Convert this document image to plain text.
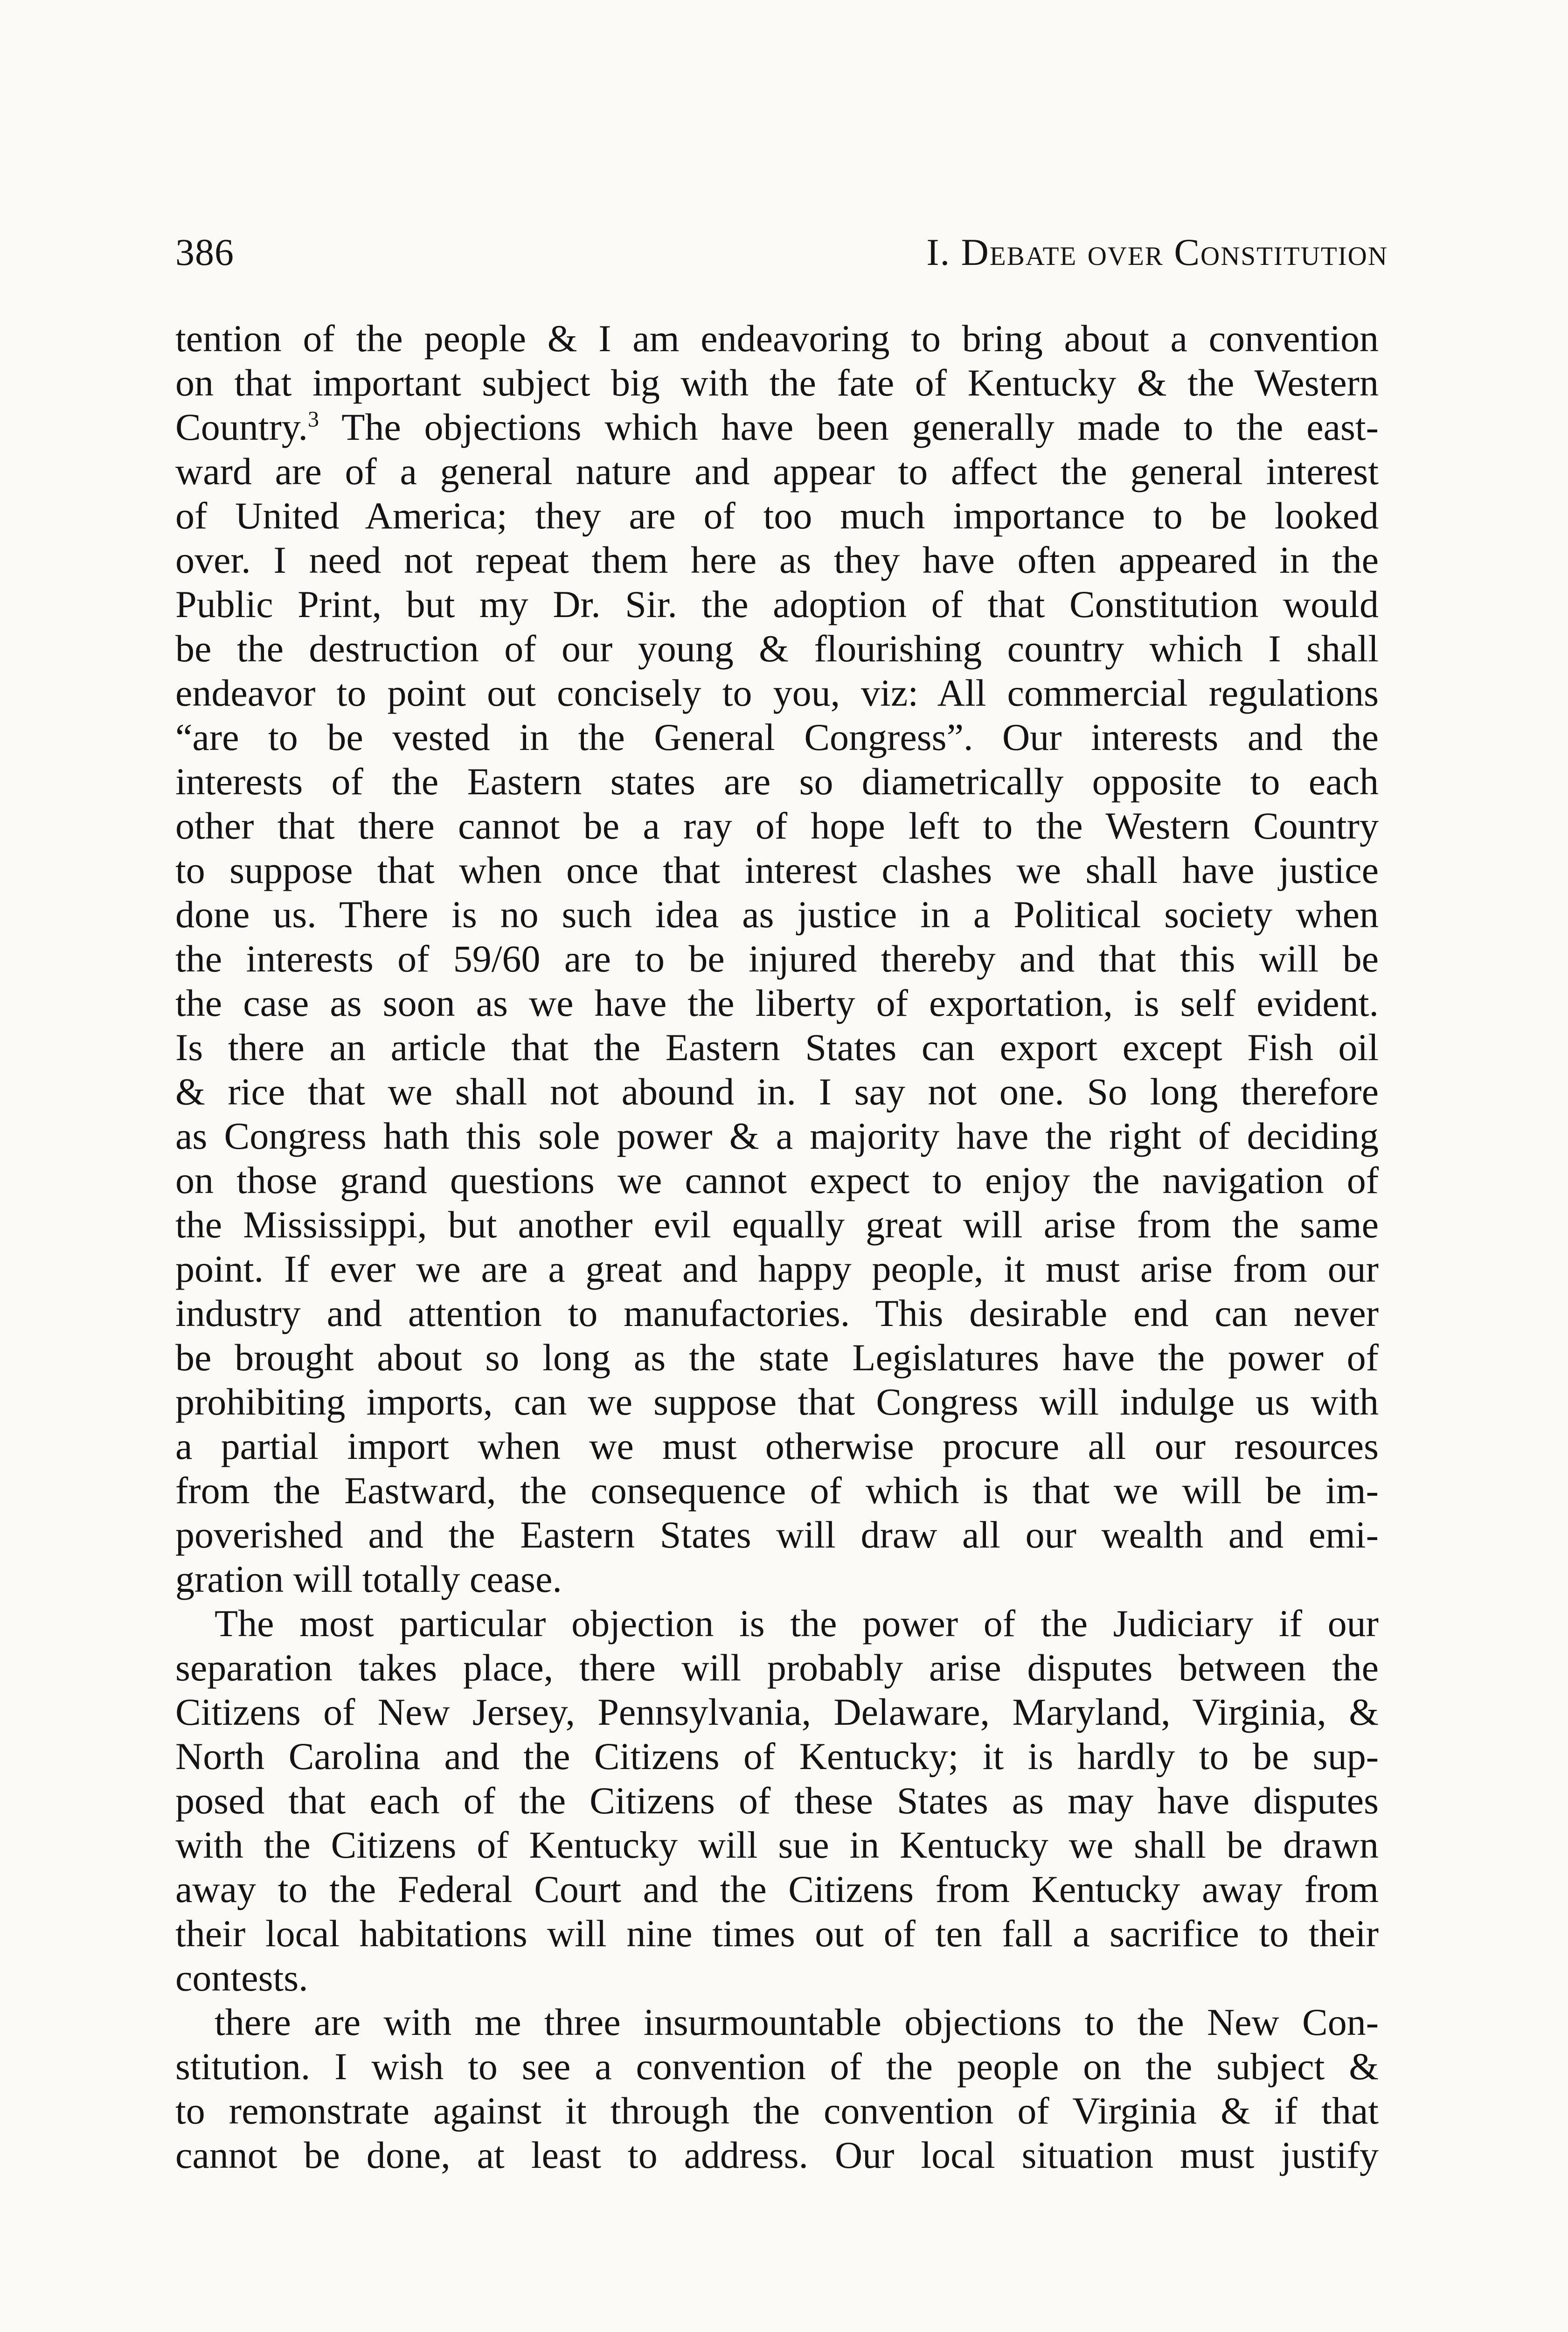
386	I. Debate over Constitution
tention of the people & I am endeavoring to bring about a convention
on that important subject big with the fate of Kentucky & the Western
Country.$^3$ The objections which have been generally made to the east-
ward are of a general nature and appear to affect the general interest
of United America; they are of too much importance to be looked
over. I need not repeat them here as they have often appeared in the
Public Print, but my Dr. Sir. the adoption of that Constitution would
be the destruction of our young & flourishing country which I shall
endeavor to point out concisely to you, viz: All commercial regulations
“are to be vested in the General Congress”. Our interests and the
interests of the Eastern states are so diametrically opposite to each
other that there cannot be a ray of hope left to the Western Country
to suppose that when once that interest clashes we shall have justice
done us. There is no such idea as justice in a Political society when
the interests of 59/60 are to be injured thereby and that this will be
the case as soon as we have the liberty of exportation, is self evident.
Is there an article that the Eastern States can export except Fish oil
& rice that we shall not abound in. I say not one. So long therefore
as Congress hath this sole power & a majority have the right of deciding
on those grand questions we cannot expect to enjoy the navigation of
the Mississippi, but another evil equally great will arise from the same
point. If ever we are a great and happy people, it must arise from our
industry and attention to manufactories. This desirable end can never
be brought about so long as the state Legislatures have the power of
prohibiting imports, can we suppose that Congress will indulge us with
a partial import when we must otherwise procure all our resources
from the Eastward, the consequence of which is that we will be im-
poverished and the Eastern States will draw all our wealth and emi-
gration will totally cease.
The most particular objection is the power of the Judiciary if our
separation takes place, there will probably arise disputes between the
Citizens of New Jersey, Pennsylvania, Delaware, Maryland, Virginia, &
North Carolina and the Citizens of Kentucky; it is hardly to be sup-
posed that each of the Citizens of these States as may have disputes
with the Citizens of Kentucky will sue in Kentucky we shall be drawn
away to the Federal Court and the Citizens from Kentucky away from
their local habitations will nine times out of ten fall a sacrifice to their
contests.
there are with me three insurmountable objections to the New Con-
stitution. I wish to see a convention of the people on the subject &
to remonstrate against it through the convention of Virginia & if that
cannot be done, at least to address. Our local situation must justify
